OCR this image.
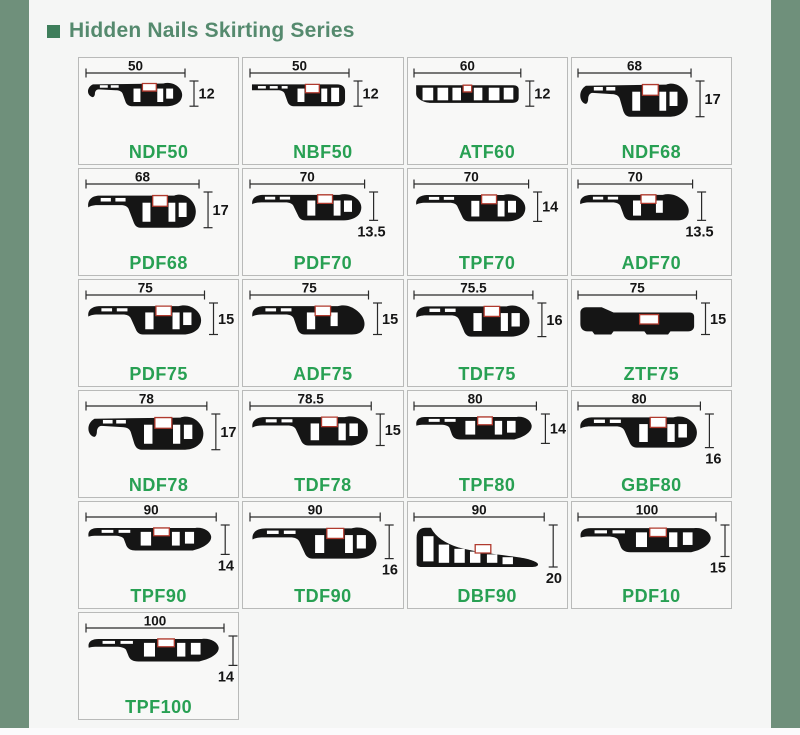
Hidden Nails Skirting Series
50
12
NDF50
50
12
NBF50
60
12
ATF60
68
17
NDF68
68
17
PDF68
70
13.5
PDF70
70
14
TPF70
70
13.5
ADF70
75
15
PDF75
75
15
ADF75
75.5
16
TDF75
75
15
ZTF75
78
17
NDF78
78.5
15
TDF78
80
14
TPF80
80
16
GBF80
90
14
TPF90
90
16
TDF90
90
20
DBF90
100
15
PDF10
100
14
TPF100
